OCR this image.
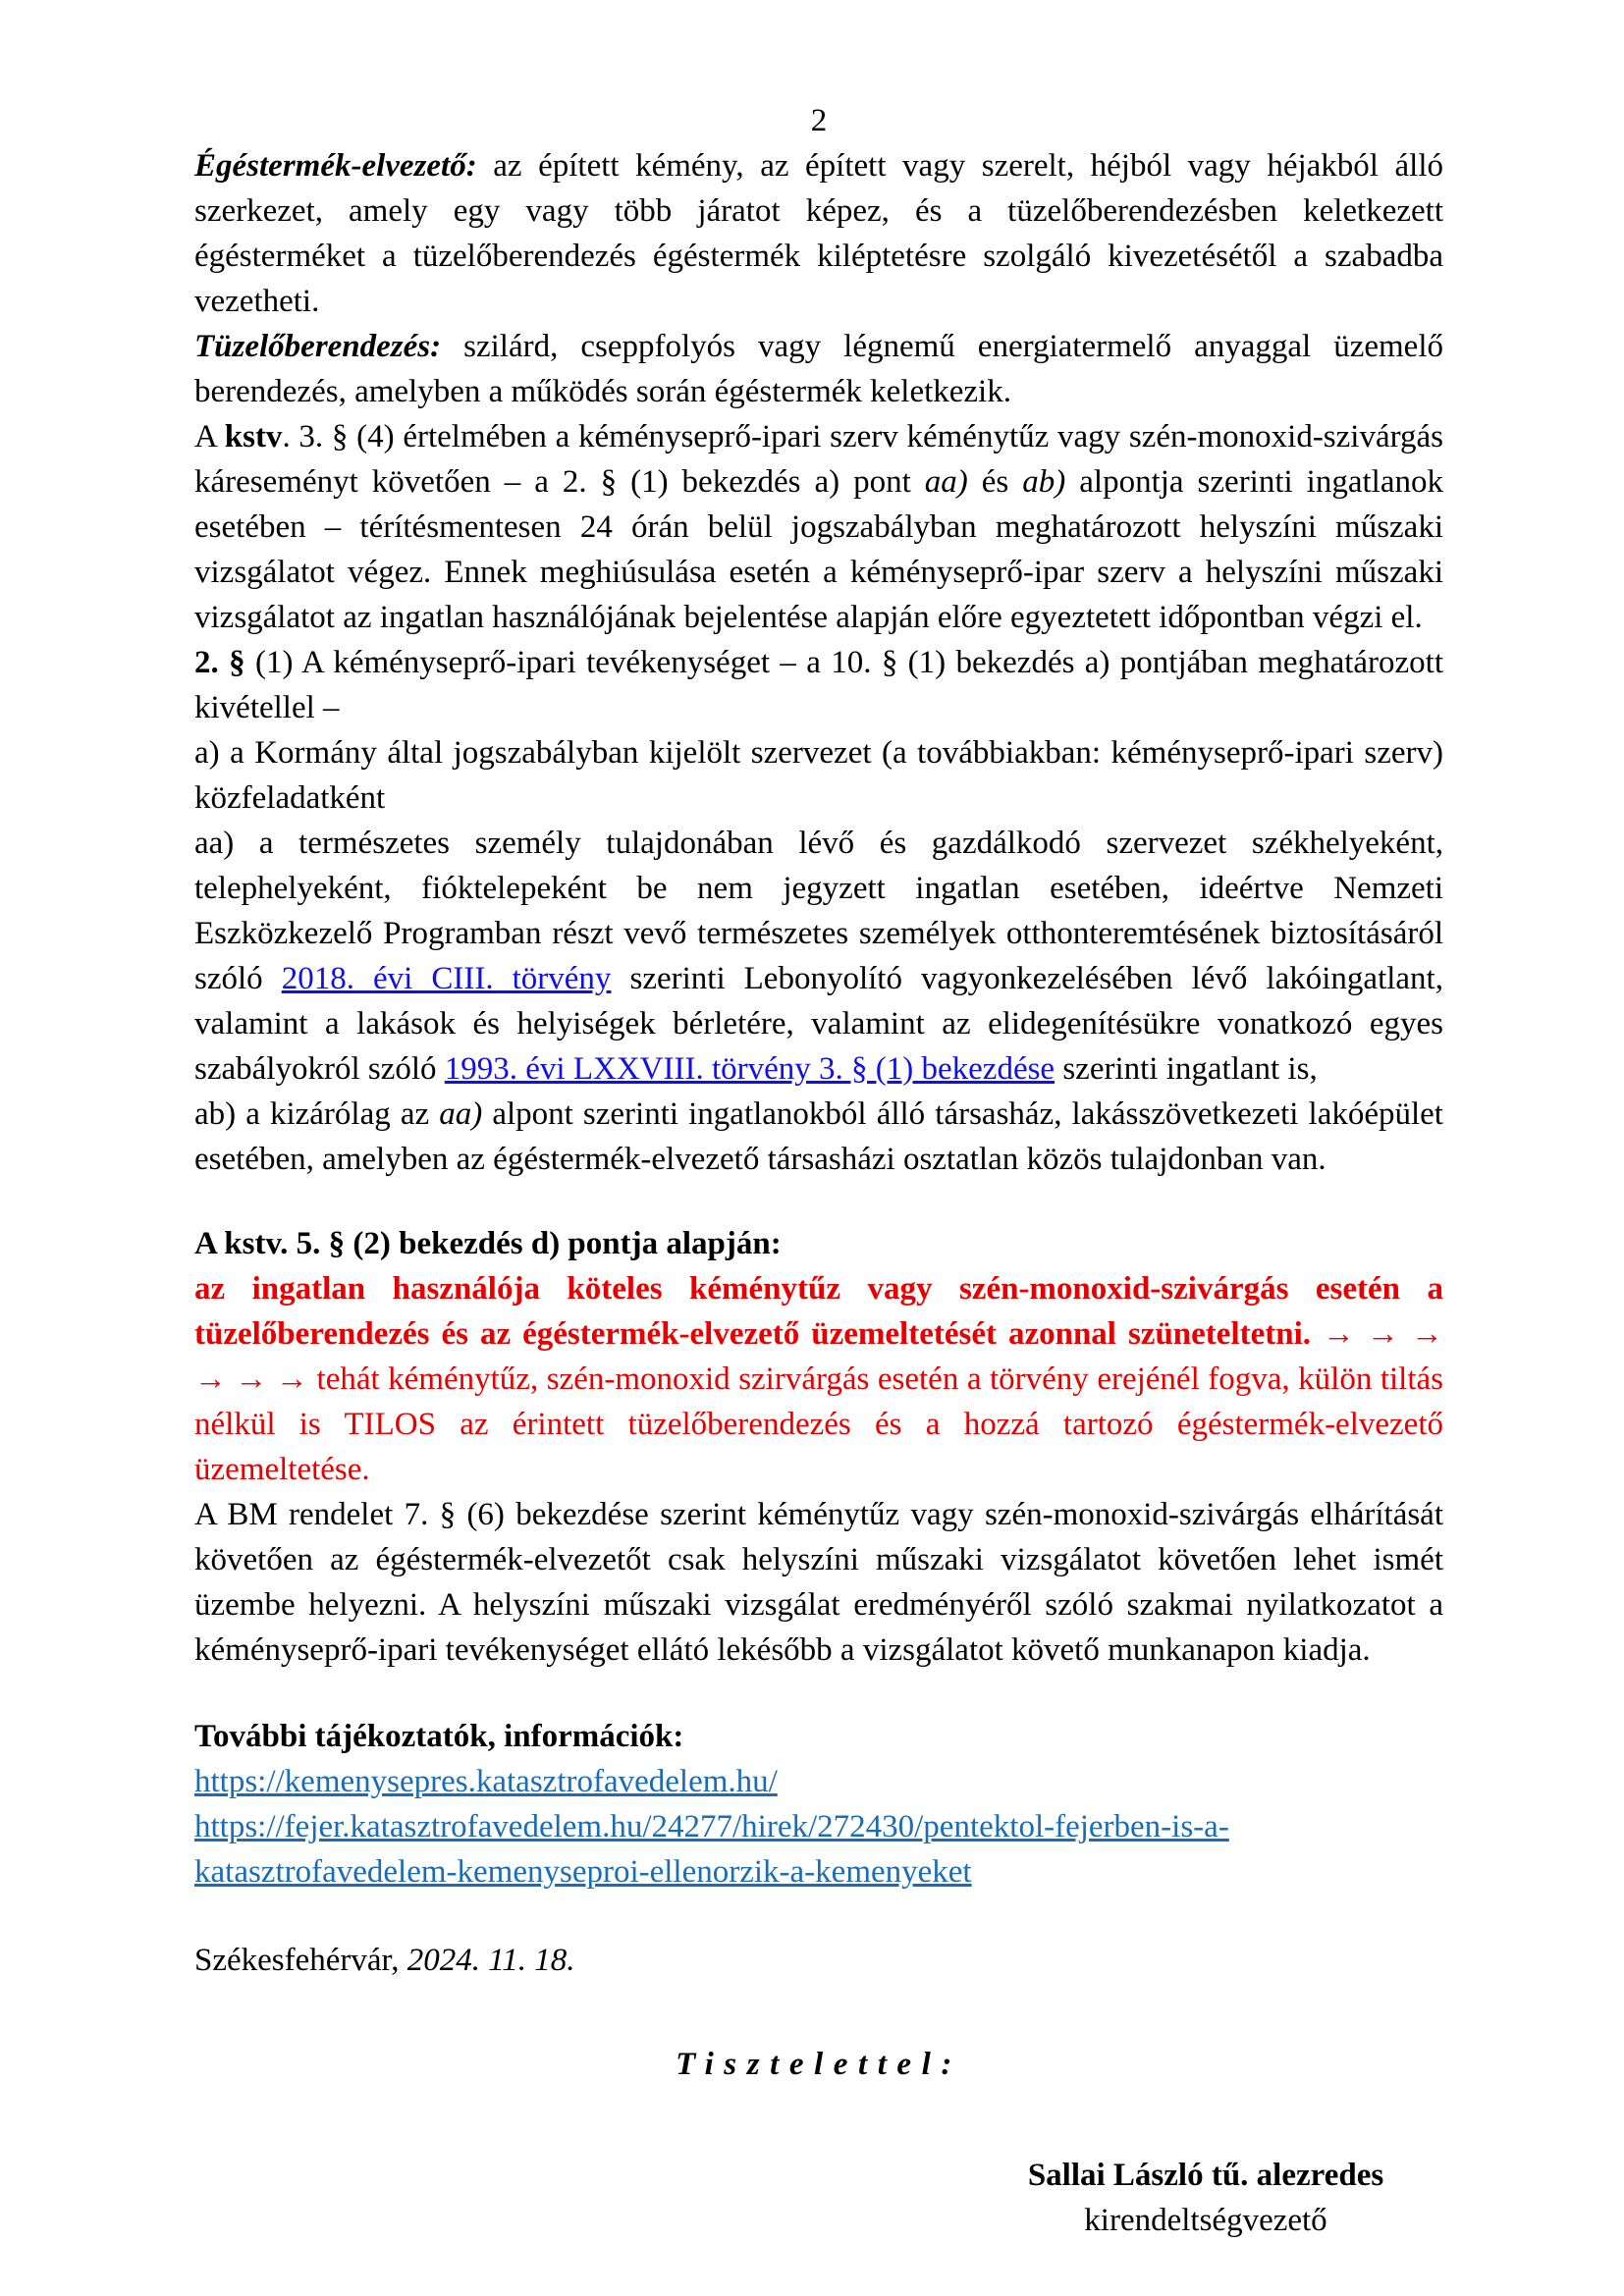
2

Égéstermék-elvezető: az épített kémény, az épített vagy szerelt, héjból vagy héjakból álló szerkezet, amely egy vagy több járatot képez, és a tüzelőberendezésben keletkezett égésterméket a tüzelőberendezés égéstermék kiléptetésre szolgáló kivezetésétől a szabadba vezetheti.

Tüzelőberendezés: szilárd, cseppfolyós vagy légnemű energiatermelő anyaggal üzemelő berendezés, amelyben a működés során égéstermék keletkezik.

A kstv. 3. § (4) értelmében a kéményseprő-ipari szerv kéménytűz vagy szén-monoxid-szivárgás káreseményt követően – a 2. § (1) bekezdés a) pont aa) és ab) alpontja szerinti ingatlanok esetében – térítésmentesen 24 órán belül jogszabályban meghatározott helyszíni műszaki vizsgálatot végez. Ennek meghiúsulása esetén a kéményseprő-ipar szerv a helyszíni műszaki vizsgálatot az ingatlan használójának bejelentése alapján előre egyeztetett időpontban végzi el.

2. § (1) A kéményseprő-ipari tevékenységet – a 10. § (1) bekezdés a) pontjában meghatározott kivétellel –

a) a Kormány által jogszabályban kijelölt szervezet (a továbbiakban: kéményseprő-ipari szerv) közfeladatként

aa) a természetes személy tulajdonában lévő és gazdálkodó szervezet székhelyeként, telephelyeként, fióktelepeként be nem jegyzett ingatlan esetében, ideértve Nemzeti Eszközkezelő Programban részt vevő természetes személyek otthonteremtésének biztosításáról szóló 2018. évi CIII. törvény szerinti Lebonyolító vagyonkezelésében lévő lakóingatlant, valamint a lakások és helyiségek bérletére, valamint az elidegenítésükre vonatkozó egyes szabályokról szóló 1993. évi LXXVIII. törvény 3. § (1) bekezdése szerinti ingatlant is,

ab) a kizárólag az aa) alpont szerinti ingatlanokból álló társasház, lakásszövetkezeti lakóépület esetében, amelyben az égéstermék-elvezető társasházi osztatlan közös tulajdonban van.

A kstv. 5. § (2) bekezdés d) pontja alapján:

az ingatlan használója köteles kéménytűz vagy szén-monoxid-szivárgás esetén a tüzelőberendezés és az égéstermék-elvezető üzemeltetését azonnal szüneteltetni. → → → → → → tehát kéménytűz, szén-monoxid szirvárgás esetén a törvény erejénél fogva, külön tiltás nélkül is TILOS az érintett tüzelőberendezés és a hozzá tartozó égéstermék-elvezető üzemeltetése.

A BM rendelet 7. § (6) bekezdése szerint kéménytűz vagy szén-monoxid-szivárgás elhárítását követően az égéstermék-elvezetőt csak helyszíni műszaki vizsgálatot követően lehet ismét üzembe helyezni. A helyszíni műszaki vizsgálat eredményéről szóló szakmai nyilatkozatot a kéményseprő-ipari tevékenységet ellátó lekésőbb a vizsgálatot követő munkanapon kiadja.

További tájékoztatók, információk:

https://kemenysepres.katasztrofavedelem.hu/

https://fejer.katasztrofavedelem.hu/24277/hirek/272430/pentektol-fejerben-is-a-katasztrofavedelem-kemenyseproi-ellenorzik-a-kemenyeket

Székesfehérvár, 2024. 11. 18.

Tisztelettel:

Sallai László tű. alezredes
kirendeltségvezető
